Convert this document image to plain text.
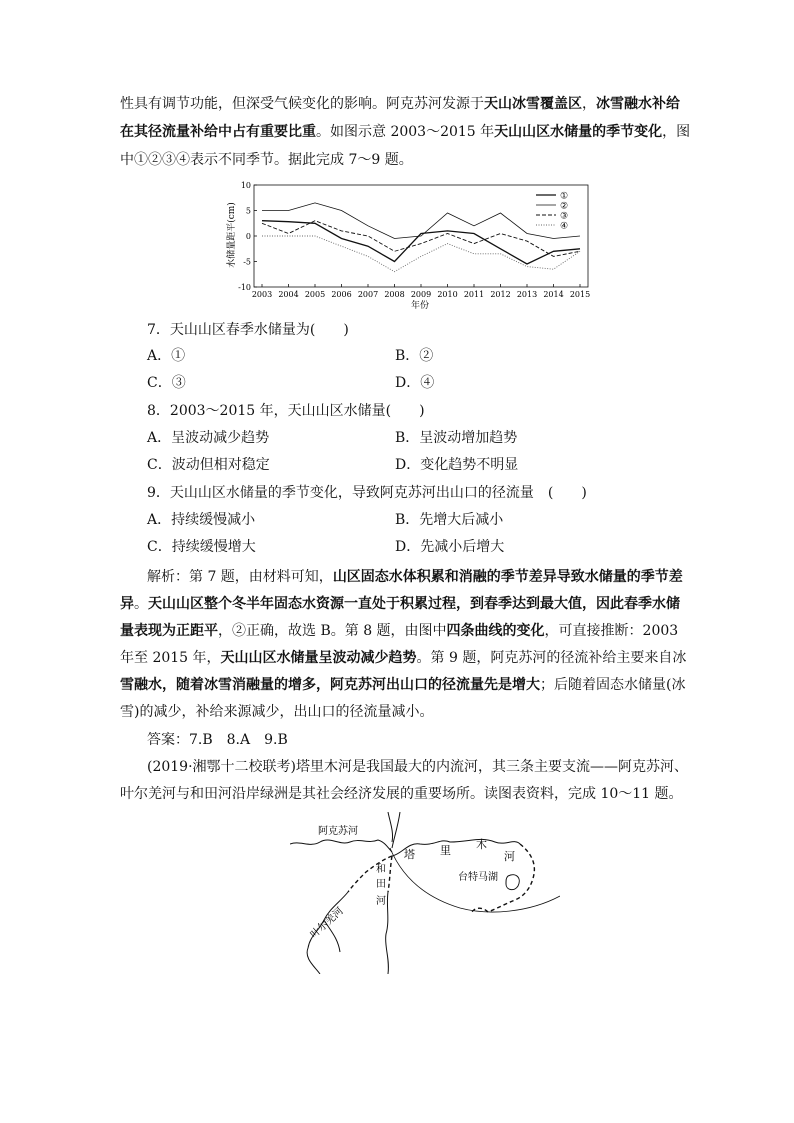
性具有调节功能，但深受气候变化的影响。阿克苏河发源于天山冰雪覆盖区，冰雪融水补给
在其径流量补给中占有重要比重。如图示意 2003～2015 年天山山区水储量的季节变化，图
中①②③④表示不同季节。据此完成 7～9 题。
水储量距平(cm)
10
5
0
-5
-10
2003 2004 2005 2006 2007 2008 2009 2010 2011 2012 2013 2014 2015
年份
①
②
③
④
7．天山山区春季水储量为(　　)
A．①	B．②
C．③	D．④
8．2003～2015 年，天山山区水储量(　　)
A．呈波动减少趋势	B．呈波动增加趋势
C．波动但相对稳定	D．变化趋势不明显
9．天山山区水储量的季节变化，导致阿克苏河出山口的径流量　(　　)
A．持续缓慢减小	B．先增大后减小
C．持续缓慢增大	D．先减小后增大
解析：第 7 题，由材料可知，山区固态水体积累和消融的季节差异导致水储量的季节差
异。天山山区整个冬半年固态水资源一直处于积累过程，到春季达到最大值，因此春季水储
量表现为正距平，②正确，故选 B。第 8 题，由图中四条曲线的变化，可直接推断：2003
年至 2015 年，天山山区水储量呈波动减少趋势。第 9 题，阿克苏河的径流补给主要来自冰
雪融水，随着冰雪消融量的增多，阿克苏河出山口的径流量先是增大；后随着固态水储量(冰
雪)的减少，补给来源减少，出山口的径流量减小。
答案：7.B　8.A　9.B
(2019·湘鄂十二校联考)塔里木河是我国最大的内流河，其三条主要支流——阿克苏河、
叶尔羌河与和田河沿岸绿洲是其社会经济发展的重要场所。读图表资料，完成 10～11 题。
阿克苏河
叶尔羌河
和
田
河
塔 里 木
河
台特马湖
